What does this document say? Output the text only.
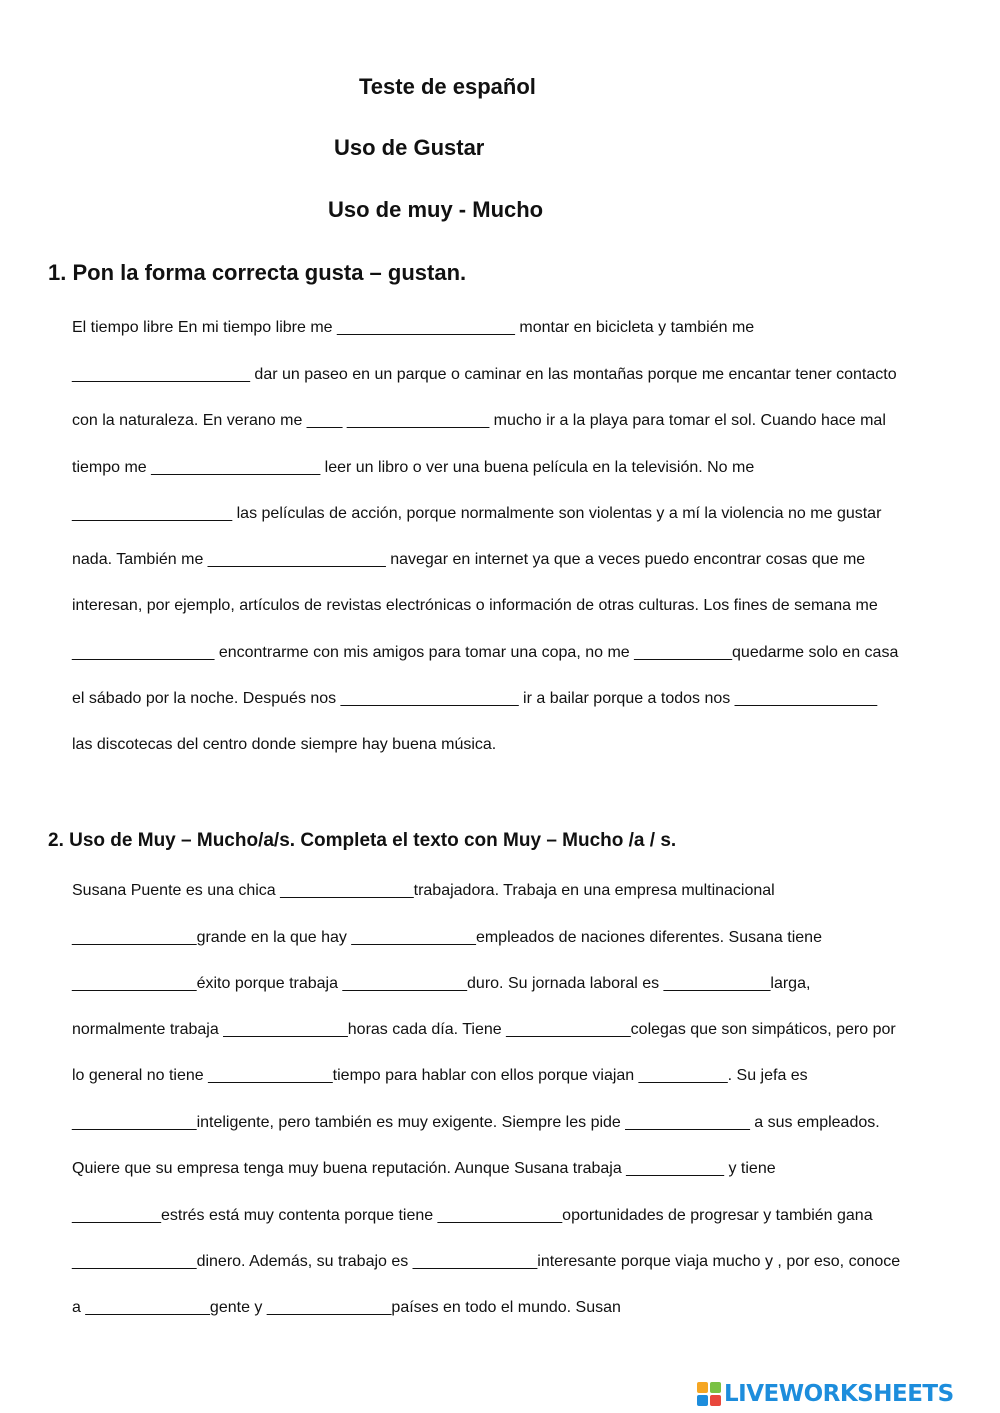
Teste de español
Uso de Gustar
Uso de muy - Mucho
1. Pon la forma correcta gusta – gustan.
El tiempo libre En mi tiempo libre me ____________________ montar en bicicleta y también me
____________________ dar un paseo en un parque o caminar en las montañas porque me encantar tener contacto
con la naturaleza. En verano me ____ ________________ mucho ir a la playa para tomar el sol. Cuando hace mal
tiempo me ___________________ leer un libro o ver una buena película en la televisión. No me
__________________ las películas de acción, porque normalmente son violentas y a mí la violencia no me gustar
nada. También me ____________________ navegar en internet ya que a veces puedo encontrar cosas que me
interesan, por ejemplo, artículos de revistas electrónicas o información de otras culturas. Los fines de semana me
________________ encontrarme con mis amigos para tomar una copa, no me ___________quedarme solo en casa
el sábado por la noche. Después nos ____________________ ir a bailar porque a todos nos ________________
las discotecas del centro donde siempre hay buena música.
2. Uso de Muy – Mucho/a/s. Completa el texto con Muy – Mucho /a / s.
Susana Puente es una chica _______________trabajadora. Trabaja en una empresa multinacional
______________grande en la que hay ______________empleados de naciones diferentes. Susana tiene
______________éxito porque trabaja ______________duro. Su jornada laboral es ____________larga,
normalmente trabaja ______________horas cada día. Tiene ______________colegas que son simpáticos, pero por
lo general no tiene ______________tiempo para hablar con ellos porque viajan __________. Su jefa es
______________inteligente, pero también es muy exigente. Siempre les pide ______________ a sus empleados.
Quiere que su empresa tenga muy buena reputación. Aunque Susana trabaja ___________ y tiene
__________estrés está muy contenta porque tiene ______________oportunidades de progresar y también gana
______________dinero. Además, su trabajo es ______________interesante porque viaja mucho y , por eso, conoce
a ______________gente y ______________países en todo el mundo. Susan
LIVEWORKSHEETS
